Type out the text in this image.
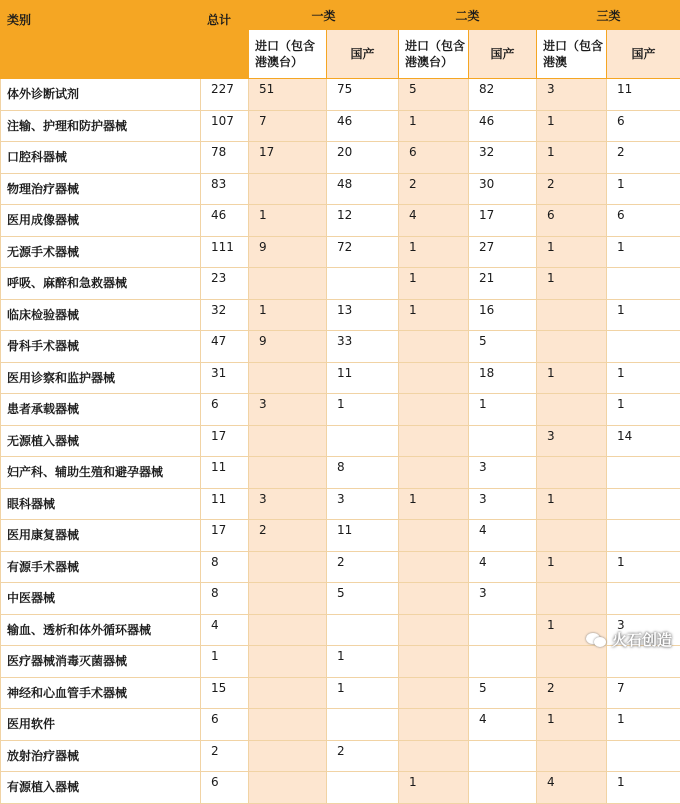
类别	总计	一类		二类		三类	
		进口（包含港澳台）	国产	进口（包含港澳台）	国产	进口（包含港澳	国产
体外诊断试剂	227	51	75	5	82	3	11
注输、护理和防护器械	107	7	46	1	46	1	6
口腔科器械	78	17	20	6	32	1	2
物理治疗器械	83		48	2	30	2	1
医用成像器械	46	1	12	4	17	6	6
无源手术器械	111	9	72	1	27	1	1
呼吸、麻醉和急救器械	23			1	21	1	
临床检验器械	32	1	13	1	16		1
骨科手术器械	47	9	33		5		
医用诊察和监护器械	31		11		18	1	1
患者承载器械	6	3	1		1		1
无源植入器械	17					3	14
妇产科、辅助生殖和避孕器械	11		8		3		
眼科器械	11	3	3	1	3	1	
医用康复器械	17	2	11		4		
有源手术器械	8		2		4	1	1
中医器械	8		5		3		
输血、透析和体外循环器械	4					1	3
医疗器械消毒灭菌器械	1		1				
神经和心血管手术器械	15		1		5	2	7
医用软件	6				4	1	1
放射治疗器械	2		2				
有源植入器械	6			1		4	1
火石创造
